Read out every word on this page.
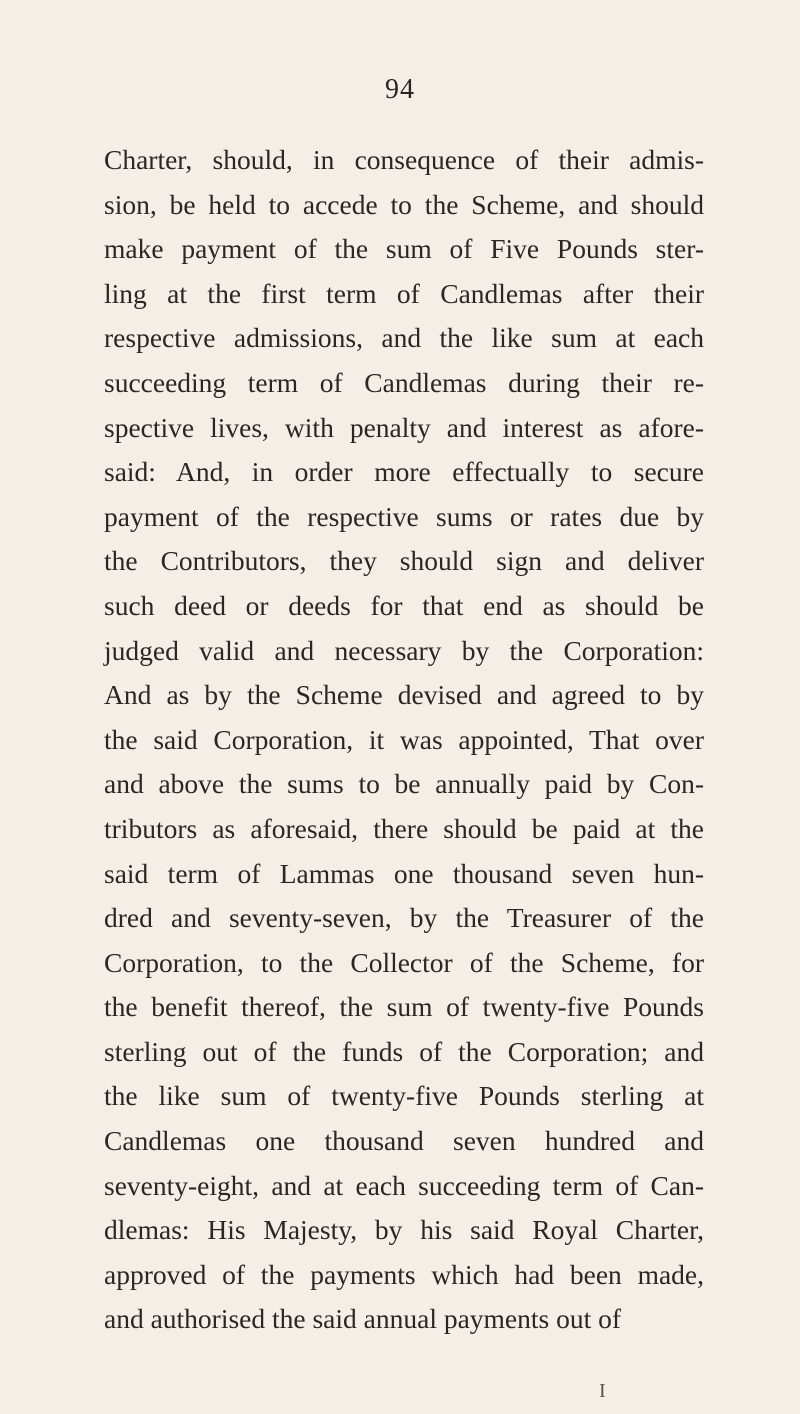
94
Charter, should, in consequence of their admis-
sion, be held to accede to the Scheme, and should
make payment of the sum of Five Pounds ster-
ling at the first term of Candlemas after their
respective admissions, and the like sum at each
succeeding term of Candlemas during their re-
spective lives, with penalty and interest as afore-
said: And, in order more effectually to secure
payment of the respective sums or rates due by
the Contributors, they should sign and deliver
such deed or deeds for that end as should be
judged valid and necessary by the Corporation:
And as by the Scheme devised and agreed to by
the said Corporation, it was appointed, That over
and above the sums to be annually paid by Con-
tributors as aforesaid, there should be paid at the
said term of Lammas one thousand seven hun-
dred and seventy-seven, by the Treasurer of the
Corporation, to the Collector of the Scheme, for
the benefit thereof, the sum of twenty-five Pounds
sterling out of the funds of the Corporation; and
the like sum of twenty-five Pounds sterling at
Candlemas one thousand seven hundred and
seventy-eight, and at each succeeding term of Can-
dlemas: His Majesty, by his said Royal Charter,
approved of the payments which had been made,
and authorised the said annual payments out of
I
